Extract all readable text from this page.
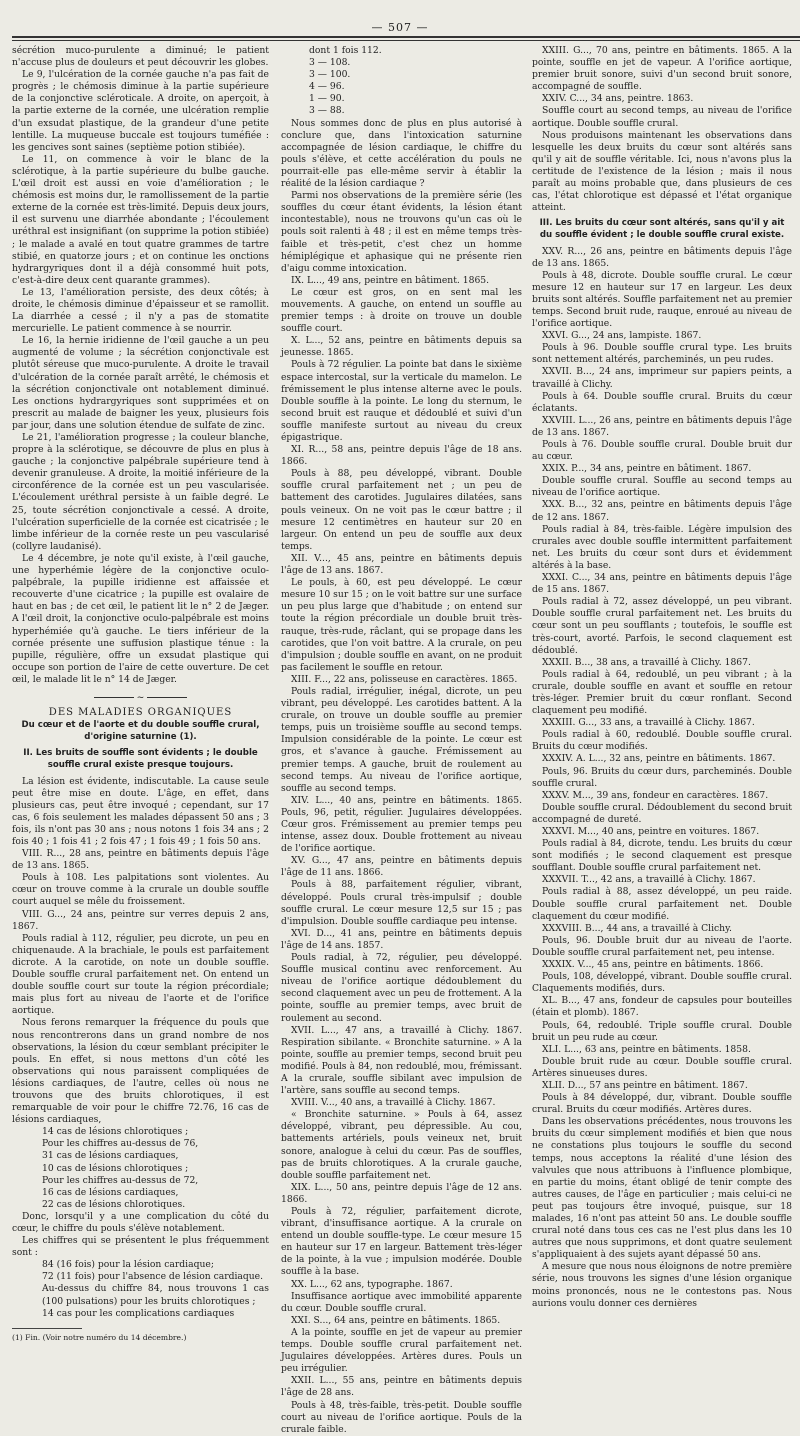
— 507 —

sécrétion muco-purulente a diminué; le patient n'accuse plus de douleurs et peut découvrir les globes.

Le 9, l'ulcération de la cornée gauche n'a pas fait de progrès ; le chémosis diminue à la partie supérieure de la conjonctive scléroticale. A droite, on aperçoit, à la partie externe de la cornée, une ulcération remplie d'un exsudat plastique, de la grandeur d'une petite lentille. La muqueuse buccale est toujours tuméfiée : les gencives sont saines (septième potion stibiée).

Le 11, on commence à voir le blanc de la sclérotique, à la partie supérieure du bulbe gauche. L'œil droit est aussi en voie d'amélioration ; le chémosis est moins dur, le ramollissement de la partie externe de la cornée est très-limité. Depuis deux jours, il est survenu une diarrhée abondante ; l'écoulement uréthral est insignifiant (on supprime la potion stibiée) ; le malade a avalé en tout quatre grammes de tartre stibié, en quatorze jours ; et on continue les onctions hydrargyriques dont il a déjà consommé huit pots, c'est-à-dire deux cent quarante grammes).

Le 13, l'amélioration persiste, des deux côtés; à droite, le chémosis diminue d'épaisseur et se ramollit. La diarrhée a cessé ; il n'y a pas de stomatite mercurielle. Le patient commence à se nourrir.

Le 16, la hernie iridienne de l'œil gauche a un peu augmenté de volume ; la sécrétion conjonctivale est plutôt séreuse que muco-purulente. A droite le travail d'ulcération de la cornée paraît arrêté, le chémosis et la sécrétion conjonctivale ont notablement diminué. Les onctions hydrargyriques sont supprimées et on prescrit au malade de baigner les yeux, plusieurs fois par jour, dans une solution étendue de sulfate de zinc.

Le 21, l'amélioration progresse ; la couleur blanche, propre à la sclérotique, se découvre de plus en plus à gauche ; la conjonctive palpébrale supérieure tend à devenir granuleuse. A droite, la moitié inférieure de la circonférence de la cornée est un peu vascularisée. L'écoulement uréthral persiste à un faible degré. Le 25, toute sécrétion conjonctivale a cessé. A droite, l'ulcération superficielle de la cornée est cicatrisée ; le limbe inférieur de la cornée reste un peu vascularisé (collyre laudanisé).

Le 4 décembre, je note qu'il existe, à l'œil gauche, une hyperhémie légère de la conjonctive oculo-palpébrale, la pupille iridienne est affaissée et recouverte d'une cicatrice ; la pupille est ovalaire de haut en bas ; de cet œil, le patient lit le n° 2 de Jæger. A l'œil droit, la conjonctive oculo-palpébrale est moins hyperhémiée qu'à gauche. Le tiers inférieur de la cornée présente une suffusion plastique ténue : la pupille, régulière, offre un exsudat plastique qui occupe son portion de l'aire de cette ouverture. De cet œil, le malade lit le n° 14 de Jæger.

~

DES MALADIES ORGANIQUES

Du cœur et de l'aorte et du double souffle crural, d'origine saturnine (1).
II. Les bruits de souffle sont évidents ; le double souffle crural existe presque toujours.

La lésion est évidente, indiscutable. La cause seule peut être mise en doute. L'âge, en effet, dans plusieurs cas, peut être invoqué ; cependant, sur 17 cas, 6 fois seulement les malades dépassent 50 ans ; 3 fois, ils n'ont pas 30 ans ; nous notons 1 fois 34 ans ; 2 fois 40 ; 1 fois 41 ; 2 fois 47 ; 1 fois 49 ; 1 fois 50 ans.

VIII. R..., 28 ans, peintre en bâtiments depuis l'âge de 13 ans. 1865.

Pouls à 108. Les palpitations sont violentes. Au cœur on trouve comme à la crurale un double souffle court auquel se mêle du froissement.

VIII. G..., 24 ans, peintre sur verres depuis 2 ans, 1867.

Pouls radial à 112, régulier, peu dicrote, un peu en chiquenaude. A la brachiale, le pouls est parfaitement dicrote. A la carotide, on note un double souffle. Double souffle crural parfaitement net. On entend un double souffle court sur toute la région précordiale; mais plus fort au niveau de l'aorte et de l'orifice aortique.

Nous ferons remarquer la fréquence du pouls que nous rencontrerons dans un grand nombre de nos observations, la lésion du cœur semblant précipiter le pouls. En effet, si nous mettons d'un côté les observations qui nous paraissent compliquées de lésions cardiaques, de l'autre, celles où nous ne trouvons que des bruits chlorotiques, il est remarquable de voir pour le chiffre 72.76, 16 cas de lésions cardiaques,

14 cas de lésions chlorotiques ;
Pour les chiffres au-dessus de 76,
31 cas de lésions cardiaques,
10 cas de lésions chlorotiques ;
Pour les chiffres au-dessus de 72,
16 cas de lésions cardiaques,
22 cas de lésions chlorotiques.

Donc, lorsqu'il y a une complication du côté du cœur, le chiffre du pouls s'élève notablement.

Les chiffres qui se présentent le plus fréquemment sont :

84 (16 fois) pour la lésion cardiaque;
72 (11 fois) pour l'absence de lésion cardiaque.
Au-dessus du chiffre 84, nous trouvons 1 cas (100 pulsations) pour les bruits chlorotiques ;
14 cas pour les complications cardiaques

(1) Fin. (Voir notre numéro du 14 décembre.)

dont 1 fois 112.
3 — 108.
3 — 100.
4 — 96.
1 — 90.
3 — 88.

Nous sommes donc de plus en plus autorisé à conclure que, dans l'intoxication saturnine accompagnée de lésion cardiaque, le chiffre du pouls s'élève, et cette accélération du pouls ne pourrait-elle pas elle-même servir à établir la réalité de la lésion cardiaque ?

Parmi nos observations de la première série (les souffles du cœur étant évidents, la lésion étant incontestable), nous ne trouvons qu'un cas où le pouls soit ralenti à 48 ; il est en même temps très-faible et très-petit, c'est chez un homme hémiplégique et aphasique qui ne présente rien d'aigu comme intoxication.

IX. L..., 49 ans, peintre en bâtiment. 1865.

Le cœur est gros, on en sent mal les mouvements. A gauche, on entend un souffle au premier temps : à droite on trouve un double souffle court.

X. L..., 52 ans, peintre en bâtiments depuis sa jeunesse. 1865.

Pouls à 72 régulier. La pointe bat dans le sixième espace intercostal, sur la verticale du mamelon. Le frémissement le plus intense alterne avec le pouls. Double souffle à la pointe. Le long du sternum, le second bruit est rauque et dédoublé et suivi d'un souffle manifeste surtout au niveau du creux épigastrique.

XI. R..., 58 ans, peintre depuis l'âge de 18 ans. 1866.

Pouls à 88, peu développé, vibrant. Double souffle crural parfaitement net ; un peu de battement des carotides. Jugulaires dilatées, sans pouls veineux. On ne voit pas le cœur battre ; il mesure 12 centimètres en hauteur sur 20 en largeur. On entend un peu de souffle aux deux temps.

XII. V..., 45 ans, peintre en bâtiments depuis l'âge de 13 ans. 1867.

Le pouls, à 60, est peu développé. Le cœur mesure 10 sur 15 ; on le voit battre sur une surface un peu plus large que d'habitude ; on entend sur toute la région précordiale un double bruit très-rauque, très-rude, râclant, qui se propage dans les carotides, que l'on voit battre. A la crurale, on peu d'impulsion ; double souffle en avant, on ne produit pas facilement le souffle en retour.

XIII. F..., 22 ans, polisseuse en caractères. 1865.

Pouls radial, irrégulier, inégal, dicrote, un peu vibrant, peu développé. Les carotides battent. A la crurale, on trouve un double souffle au premier temps, puis un troisième souffle au second temps. Impulsion considérable de la pointe. Le cœur est gros, et s'avance à gauche. Frémissement au premier temps. A gauche, bruit de roulement au second temps. Au niveau de l'orifice aortique, souffle au second temps.

XIV. L..., 40 ans, peintre en bâtiments. 1865. Pouls, 96, petit, régulier. Jugulaires développées. Cœur gros. Frémissement au premier temps peu intense, assez doux. Double frottement au niveau de l'orifice aortique.

XV. G..., 47 ans, peintre en bâtiments depuis l'âge de 11 ans. 1866.

Pouls à 88, parfaitement régulier, vibrant, développé. Pouls crural très-impulsif ; double souffle crural. Le cœur mesure 12,5 sur 15 ; pas d'impulsion. Double souffle cardiaque peu intense.

XVI. D..., 41 ans, peintre en bâtiments depuis l'âge de 14 ans. 1857.

Pouls radial, à 72, régulier, peu développé. Souffle musical continu avec renforcement. Au niveau de l'orifice aortique dédoublement du second claquement avec un peu de frottement. A la pointe, souffle au premier temps, avec bruit de roulement au second.

XVII. L..., 47 ans, a travaillé à Clichy. 1867. Respiration sibilante. « Bronchite saturnine. » A la pointe, souffle au premier temps, second bruit peu modifié. Pouls à 84, non redoublé, mou, frémissant. A la crurale, souffle sibilant avec impulsion de l'artère, sans souffle au second temps.

XVIII. V..., 40 ans, a travaillé à Clichy. 1867.

« Bronchite saturnine. » Pouls à 64, assez développé, vibrant, peu dépressible. Au cou, battements artériels, pouls veineux net, bruit sonore, analogue à celui du cœur. Pas de souffles, pas de bruits chlorotiques. A la crurale gauche, double souffle parfaitement net.

XIX. L..., 50 ans, peintre depuis l'âge de 12 ans. 1866.

Pouls à 72, régulier, parfaitement dicrote, vibrant, d'insuffisance aortique. A la crurale on entend un double souffle-type. Le cœur mesure 15 en hauteur sur 17 en largeur. Battement très-léger de la pointe, à la vue ; impulsion modérée. Double souffle à la base.

XX. L..., 62 ans, typographe. 1867.

Insuffisance aortique avec immobilité apparente du cœur. Double souffle crural.

XXI. S..., 64 ans, peintre en bâtiments. 1865.

A la pointe, souffle en jet de vapeur au premier temps. Double souffle crural parfaitement net. Jugulaires développées. Artères dures. Pouls un peu irrégulier.

XXII. L..., 55 ans, peintre en bâtiments depuis l'âge de 28 ans.

Pouls à 48, très-faible, très-petit. Double souffle court au niveau de l'orifice aortique. Pouls de la crurale faible.

XXIII. G..., 70 ans, peintre en bâtiments. 1865. A la pointe, souffle en jet de vapeur. A l'orifice aortique, premier bruit sonore, suivi d'un second bruit sonore, accompagné de souffle.

XXIV. C..., 34 ans, peintre. 1863.

Souffle court au second temps, au niveau de l'orifice aortique. Double souffle crural.

Nous produisons maintenant les observations dans lesquelle les deux bruits du cœur sont altérés sans qu'il y ait de souffle véritable. Ici, nous n'avons plus la certitude de l'existence de la lésion ; mais il nous paraît au moins probable que, dans plusieurs de ces cas, l'état chlorotique est dépassé et l'état organique atteint.

III. Les bruits du cœur sont altérés, sans qu'il y ait du souffle évident ; le double souffle crural existe.

XXV. R..., 26 ans, peintre en bâtiments depuis l'âge de 13 ans. 1865.

Pouls à 48, dicrote. Double souffle crural. Le cœur mesure 12 en hauteur sur 17 en largeur. Les deux bruits sont altérés. Souffle parfaitement net au premier temps. Second bruit rude, rauque, enroué au niveau de l'orifice aortique.

XXVI. G..., 24 ans, lampiste. 1867.

Pouls à 96. Double souffle crural type. Les bruits sont nettement altérés, parcheminés, un peu rudes.

XXVII. B..., 24 ans, imprimeur sur papiers peints, a travaillé à Clichy.

Pouls à 64. Double souffle crural. Bruits du cœur éclatants.

XXVIII. L..., 26 ans, peintre en bâtiments depuis l'âge de 13 ans. 1867.

Pouls à 76. Double souffle crural. Double bruit dur au cœur.

XXIX. P..., 34 ans, peintre en bâtiment. 1867.

Double souffle crural. Souffle au second temps au niveau de l'orifice aortique.

XXX. B..., 32 ans, peintre en bâtiments depuis l'âge de 12 ans. 1867.

Pouls radial à 84, très-faible. Légère impulsion des crurales avec double souffle intermittent parfaitement net. Les bruits du cœur sont durs et évidemment altérés à la base.

XXXI. C..., 34 ans, peintre en bâtiments depuis l'âge de 15 ans. 1867.

Pouls radial à 72, assez développé, un peu vibrant. Double souffle crural parfaitement net. Les bruits du cœur sont un peu soufflants ; toutefois, le souffle est très-court, avorté. Parfois, le second claquement est dédoublé.

XXXII. B..., 38 ans, a travaillé à Clichy. 1867.

Pouls radial à 64, redoublé, un peu vibrant ; à la crurale, double souffle en avant et souffle en retour très-léger. Premier bruit du cœur ronflant. Second claquement peu modifié.

XXXIII. G..., 33 ans, a travaillé à Clichy. 1867.

Pouls radial à 60, redoublé. Double souffle crural. Bruits du cœur modifiés.

XXXIV. A. L..., 32 ans, peintre en bâtiments. 1867.

Pouls, 96. Bruits du cœur durs, parcheminés. Double souffle crural.

XXXV. M..., 39 ans, fondeur en caractères. 1867.

Double souffle crural. Dédoublement du second bruit accompagné de dureté.

XXXVI. M..., 40 ans, peintre en voitures. 1867.

Pouls radial à 84, dicrote, tendu. Les bruits du cœur sont modifiés ; le second claquement est presque soufflant. Double souffle crural parfaitement net.

XXXVII. T..., 42 ans, a travaillé à Clichy. 1867.

Pouls radial à 88, assez développé, un peu raide. Double souffle crural parfaitement net. Double claquement du cœur modifié.

XXXVIII. B..., 44 ans, a travaillé à Clichy.

Pouls, 96. Double bruit dur au niveau de l'aorte. Double souffle crural parfaitement net, peu intense.

XXXIX. V..., 45 ans, peintre en bâtiments. 1866.

Pouls, 108, développé, vibrant. Double souffle crural. Claquements modifiés, durs.

XL. B..., 47 ans, fondeur de capsules pour bouteilles (étain et plomb). 1867.

Pouls, 64, redoublé. Triple souffle crural. Double bruit un peu rude au cœur.

XLI. L..., 63 ans, peintre en bâtiments. 1858.

Double bruit rude au cœur. Double souffle crural. Artères sinueuses dures.

XLII. D..., 57 ans peintre en bâtiment. 1867.

Pouls à 84 développé, dur, vibrant. Double souffle crural. Bruits du cœur modifiés. Artères dures.

Dans les observations précédentes, nous trouvons les bruits du cœur simplement modifiés et bien que nous ne constations plus toujours le souffle du second temps, nous acceptons la réalité d'une lésion des valvules que nous attribuons à l'influence plombique, en partie du moins, étant obligé de tenir compte des autres causes, de l'âge en particulier ; mais celui-ci ne peut pas toujours être invoqué, puisque, sur 18 malades, 16 n'ont pas atteint 50 ans. Le double souffle crural noté dans tous ces cas ne l'est plus dans les 10 autres que nous supprimons, et dont quatre seulement s'appliquaient à des sujets ayant dépassé 50 ans.

A mesure que nous nous éloignons de notre première série, nous trouvons les signes d'une lésion organique moins prononcés, nous ne le contestons pas. Nous aurions voulu donner ces dernières
